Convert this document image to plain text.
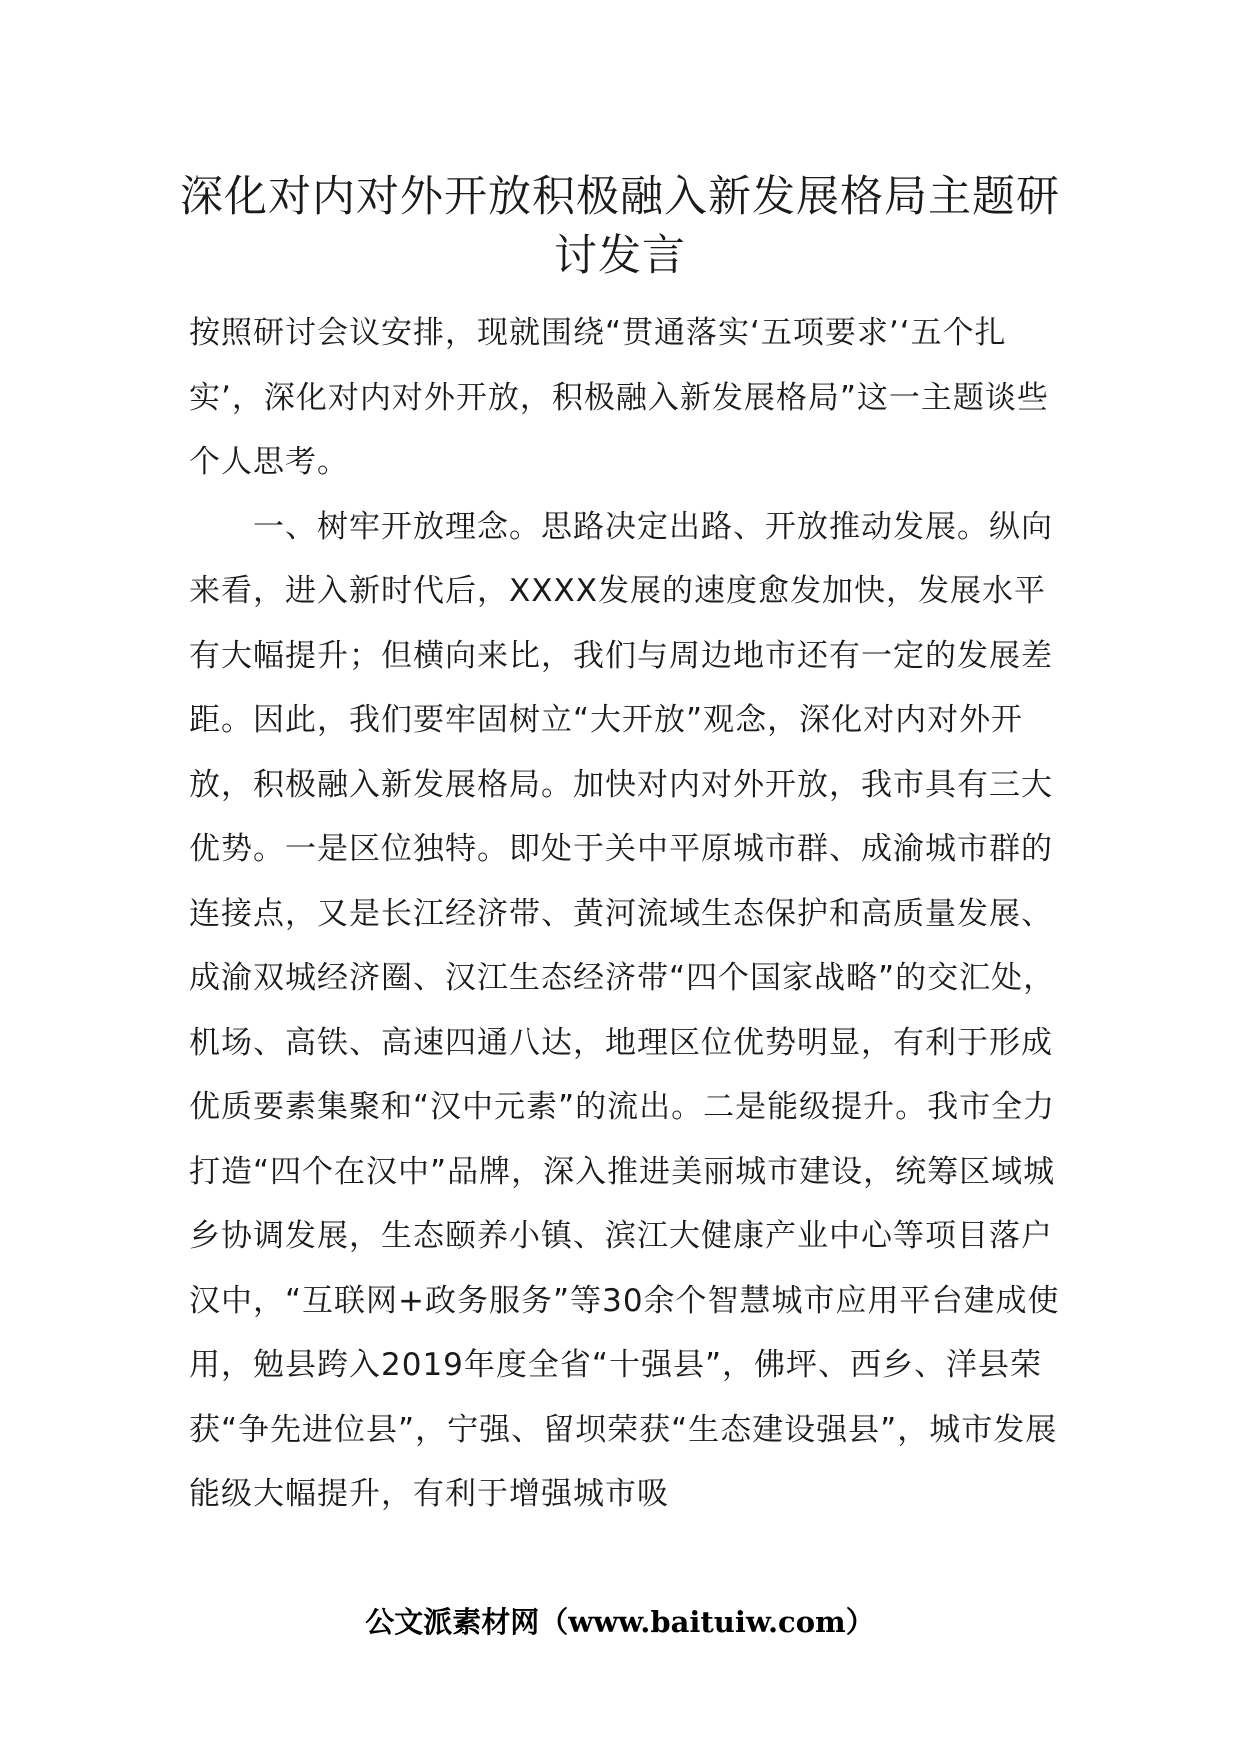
深化对内对外开放积极融入新发展格局主题研讨发言

按照研讨会议安排，现就围绕“贯通落实‘五项要求’‘五个扎实’，深化对内对外开放，积极融入新发展格局”这一主题谈些个人思考。

一、树牢开放理念。思路决定出路、开放推动发展。纵向来看，进入新时代后，XXXX发展的速度愈发加快，发展水平有大幅提升；但横向来比，我们与周边地市还有一定的发展差距。因此，我们要牢固树立“大开放”观念，深化对内对外开放，积极融入新发展格局。加快对内对外开放，我市具有三大优势。一是区位独特。即处于关中平原城市群、成渝城市群的连接点，又是长江经济带、黄河流域生态保护和高质量发展、成渝双城经济圈、汉江生态经济带“四个国家战略”的交汇处，机场、高铁、高速四通八达，地理区位优势明显，有利于形成优质要素集聚和“汉中元素”的流出。二是能级提升。我市全力打造“四个在汉中”品牌，深入推进美丽城市建设，统筹区域城乡协调发展，生态颐养小镇、滨江大健康产业中心等项目落户汉中，“互联网+政务服务”等30余个智慧城市应用平台建成使用，勉县跨入2019年度全省“十强县”，佛坪、西乡、洋县荣获“争先进位县”，宁强、留坝荣获“生态建设强县”，城市发展能级大幅提升，有利于增强城市吸

公文派素材网（www.baituiw.com）
